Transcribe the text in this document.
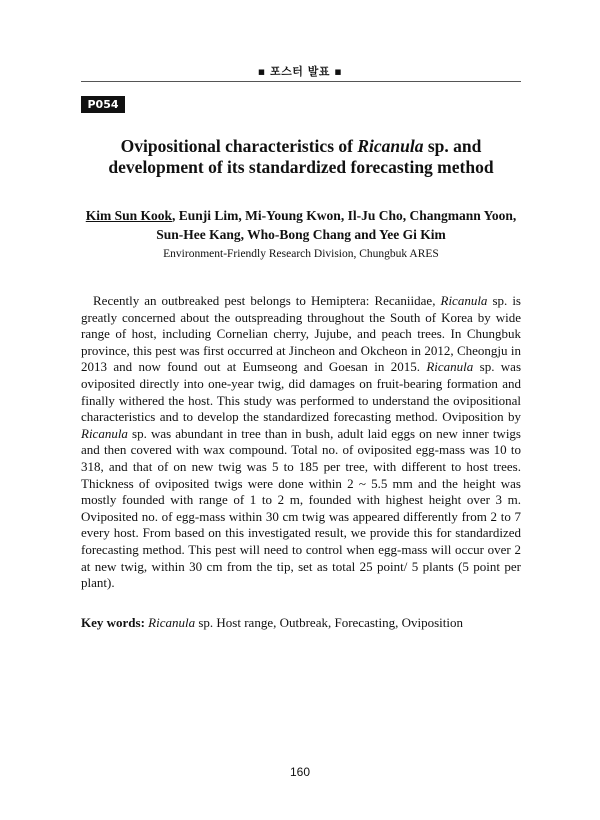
▪ 포스터 발표 ▪
P054
Ovipositional characteristics of Ricanula sp. and development of its standardized forecasting method
Kim Sun Kook, Eunji Lim, Mi-Young Kwon, Il-Ju Cho, Changmann Yoon, Sun-Hee Kang, Who-Bong Chang and Yee Gi Kim
Environment-Friendly Research Division, Chungbuk ARES

Recently an outbreaked pest belongs to Hemiptera: Recaniidae, Ricanula sp. is greatly concerned about the outspreading throughout the South of Korea by wide range of host, including Cornelian cherry, Jujube, and peach trees. In Chungbuk province, this pest was first occurred at Jincheon and Okcheon in 2012, Cheongju in 2013 and now found out at Eumseong and Goesan in 2015. Ricanula sp. was oviposited directly into one-year twig, did damages on fruit-bearing formation and finally withered the host. This study was performed to understand the ovipositional characteristics and to develop the standardized forecasting method. Oviposition by Ricanula sp. was abundant in tree than in bush, adult laid eggs on new inner twigs and then covered with wax compound. Total no. of oviposited egg-mass was 10 to 318, and that of on new twig was 5 to 185 per tree, with different to host trees. Thickness of oviposited twigs were done within 2 ~ 5.5 mm and the height was mostly founded with range of 1 to 2 m, founded with highest height over 3 m. Oviposited no. of egg-mass within 30 cm twig was appeared differently from 2 to 7 every host. From based on this investigated result, we provide this for standardized forecasting method. This pest will need to control when egg-mass will occur over 2 at new twig, within 30 cm from the tip, set as total 25 point/ 5 plants (5 point per plant).

Key words: Ricanula sp. Host range, Outbreak, Forecasting, Oviposition

160
